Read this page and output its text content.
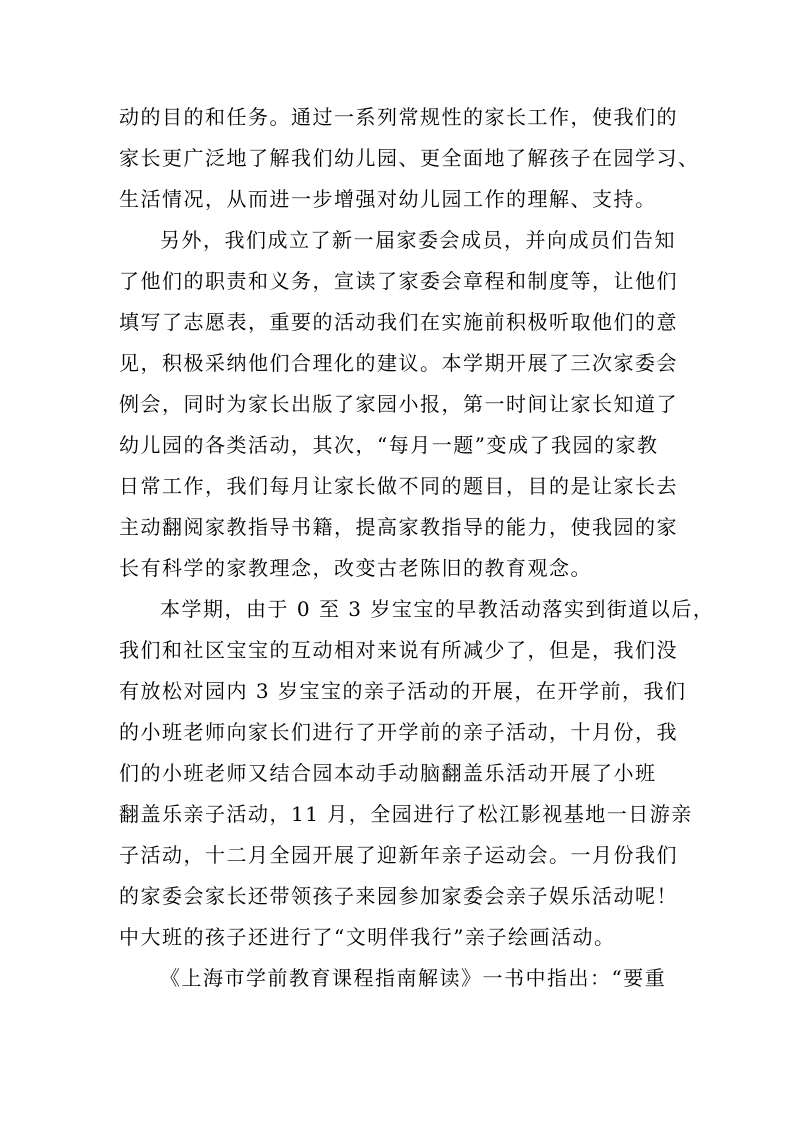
动的目的和任务。通过一系列常规性的家长工作，使我们的
家长更广泛地了解我们幼儿园、更全面地了解孩子在园学习、
生活情况，从而进一步增强对幼儿园工作的理解、支持。
另外，我们成立了新一届家委会成员，并向成员们告知
了他们的职责和义务，宣读了家委会章程和制度等，让他们
填写了志愿表，重要的活动我们在实施前积极听取他们的意
见，积极采纳他们合理化的建议。本学期开展了三次家委会
例会，同时为家长出版了家园小报，第一时间让家长知道了
幼儿园的各类活动，其次，“每月一题”变成了我园的家教
日常工作，我们每月让家长做不同的题目，目的是让家长去
主动翻阅家教指导书籍，提高家教指导的能力，使我园的家
长有科学的家教理念，改变古老陈旧的教育观念。
本学期，由于 0 至 3 岁宝宝的早教活动落实到街道以后，
我们和社区宝宝的互动相对来说有所减少了，但是，我们没
有放松对园内 3 岁宝宝的亲子活动的开展，在开学前，我们
的小班老师向家长们进行了开学前的亲子活动，十月份，我
们的小班老师又结合园本动手动脑翻盖乐活动开展了小班
翻盖乐亲子活动，11 月，全园进行了松江影视基地一日游亲
子活动，十二月全园开展了迎新年亲子运动会。一月份我们
的家委会家长还带领孩子来园参加家委会亲子娱乐活动呢！
中大班的孩子还进行了“文明伴我行”亲子绘画活动。
《上海市学前教育课程指南解读》一书中指出：“要重
